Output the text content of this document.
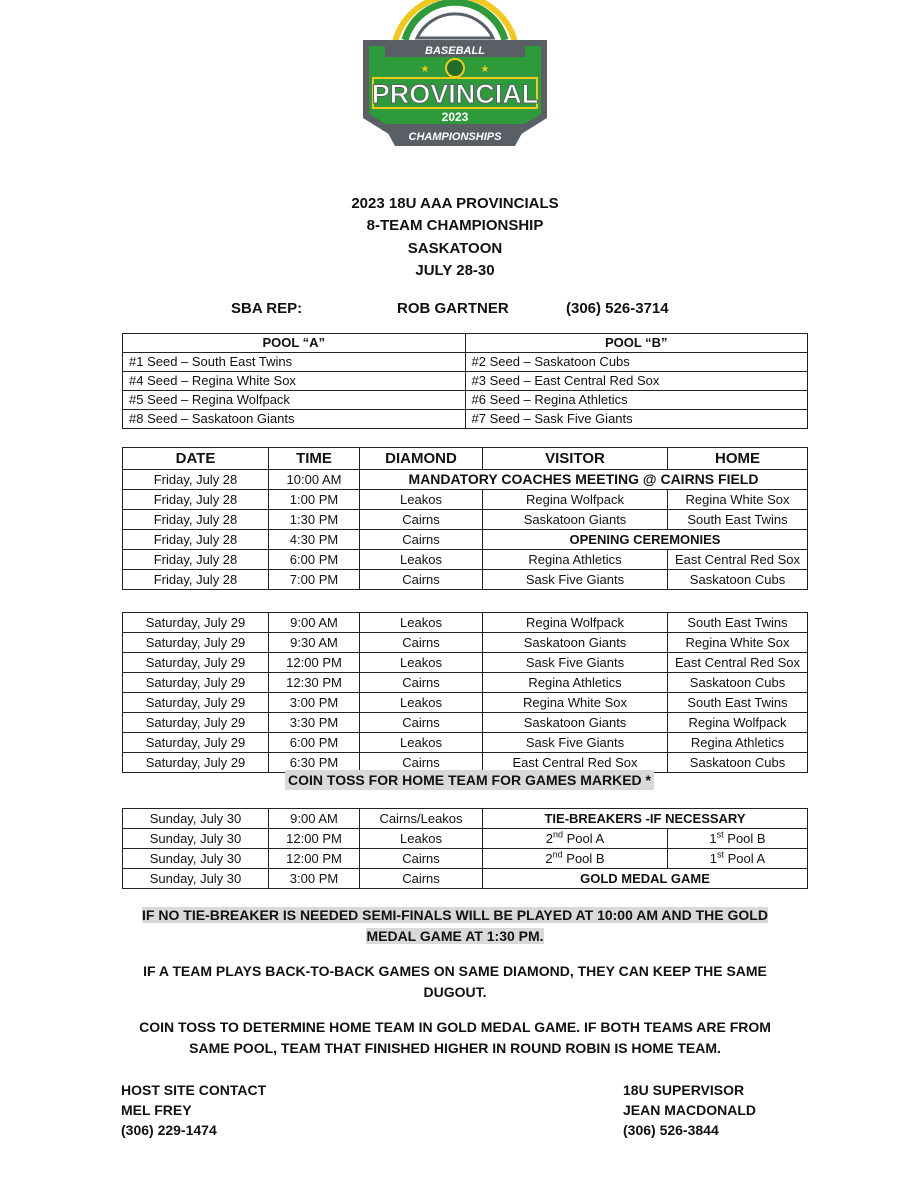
BASEBALL
★	★
PROVINCIAL
2023
CHAMPIONSHIPS
2023 18U AAA PROVINCIALS
8-TEAM CHAMPIONSHIP
SASKATOON
JULY 28-30
SBA REP:	ROB GARTNER	(306) 526-3714
POOL “A”	POOL “B”
#1 Seed – South East Twins	#2 Seed – Saskatoon Cubs
#4 Seed – Regina White Sox	#3 Seed – East Central Red Sox
#5 Seed – Regina Wolfpack	#6 Seed – Regina Athletics
#8 Seed – Saskatoon Giants	#7 Seed – Sask Five Giants
DATE	TIME	DIAMOND	VISITOR	HOME
Friday, July 28	10:00 AM	MANDATORY COACHES MEETING @ CAIRNS FIELD		
Friday, July 28	1:00 PM	Leakos	Regina Wolfpack	Regina White Sox
Friday, July 28	1:30 PM	Cairns	Saskatoon Giants	South East Twins
Friday, July 28	4:30 PM	Cairns	OPENING CEREMONIES	
Friday, July 28	6:00 PM	Leakos	Regina Athletics	East Central Red Sox
Friday, July 28	7:00 PM	Cairns	Sask Five Giants	Saskatoon Cubs
Saturday, July 29	9:00 AM	Leakos	Regina Wolfpack	South East Twins
Saturday, July 29	9:30 AM	Cairns	Saskatoon Giants	Regina White Sox
Saturday, July 29	12:00 PM	Leakos	Sask Five Giants	East Central Red Sox
Saturday, July 29	12:30 PM	Cairns	Regina Athletics	Saskatoon Cubs
Saturday, July 29	3:00 PM	Leakos	Regina White Sox	South East Twins
Saturday, July 29	3:30 PM	Cairns	Saskatoon Giants	Regina Wolfpack
Saturday, July 29	6:00 PM	Leakos	Sask Five Giants	Regina Athletics
Saturday, July 29	6:30 PM	Cairns	East Central Red Sox	Saskatoon Cubs
COIN TOSS FOR HOME TEAM FOR GAMES MARKED *
Sunday, July 30	9:00 AM	Cairns/Leakos	TIE-BREAKERS -IF NECESSARY	
Sunday, July 30	12:00 PM	Leakos	2nd Pool A	1st Pool B
Sunday, July 30	12:00 PM	Cairns	2nd Pool B	1st Pool A
Sunday, July 30	3:00 PM	Cairns	GOLD MEDAL GAME	
IF NO TIE-BREAKER IS NEEDED SEMI-FINALS WILL BE PLAYED AT 10:00 AM AND THE GOLD
MEDAL GAME AT 1:30 PM.
IF A TEAM PLAYS BACK-TO-BACK GAMES ON SAME DIAMOND, THEY CAN KEEP THE SAME
DUGOUT.
COIN TOSS TO DETERMINE HOME TEAM IN GOLD MEDAL GAME. IF BOTH TEAMS ARE FROM
SAME POOL, TEAM THAT FINISHED HIGHER IN ROUND ROBIN IS HOME TEAM.
HOST SITE CONTACT
MEL FREY
(306) 229-1474
18U SUPERVISOR
JEAN MACDONALD
(306) 526-3844
